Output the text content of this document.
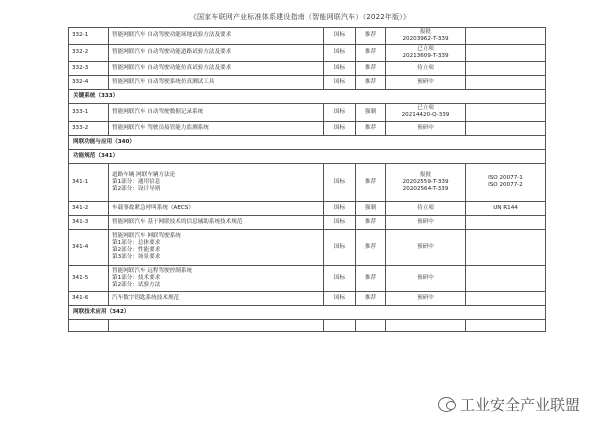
《国家车联网产业标准体系建设指南（智能网联汽车）（2022年版）》
332-1	智能网联汽车 自动驾驶功能场地试验方法及要求	国标	推荐	报批
20203962-T-339	
332-2	智能网联汽车 自动驾驶功能道路试验方法及要求	国标	推荐	已立项
20213609-T-339	
332-3	智能网联汽车 自动驾驶功能仿真试验方法及要求	国标	推荐	待立项	
332-4	智能网联汽车 自动驾驶系统仿真测试工具	国标	推荐	预研中	
关键系统（333）					
333-1	智能网联汽车 自动驾驶数据记录系统	国标	强制	已立项
20214420-Q-339	
333-2	智能网联汽车 驾驶员接管能力监测系统	国标	推荐	预研中	
网联功能与应用（340）					
功能规范（341）					
341-1	道路车辆 网联车辆方法论
第1部分：通用信息
第2部分：设计导则	国标	推荐	报批
20202559-T-339
20202564-T-339	ISO 20077-1
ISO 20077-2
341-2	车载事故紧急呼叫系统（AECS）	国标	强制	待立项	UN R144
341-3	智能网联汽车 基于网联技术的信息辅助系统技术规范	国标	推荐	预研中	
341-4	智能网联汽车 网联驾驶系统
第1部分：总体要求
第2部分：性能要求
第3部分：场景要求	国标	推荐	预研中	
341-5	智能网联汽车 远程驾驶控制系统
第1部分：技术要求
第2部分：试验方法	国标	推荐	预研中	
341-6	汽车数字钥匙系统技术规范	国标	推荐	预研中	
网联技术应用（342）					

工业安全产业联盟
